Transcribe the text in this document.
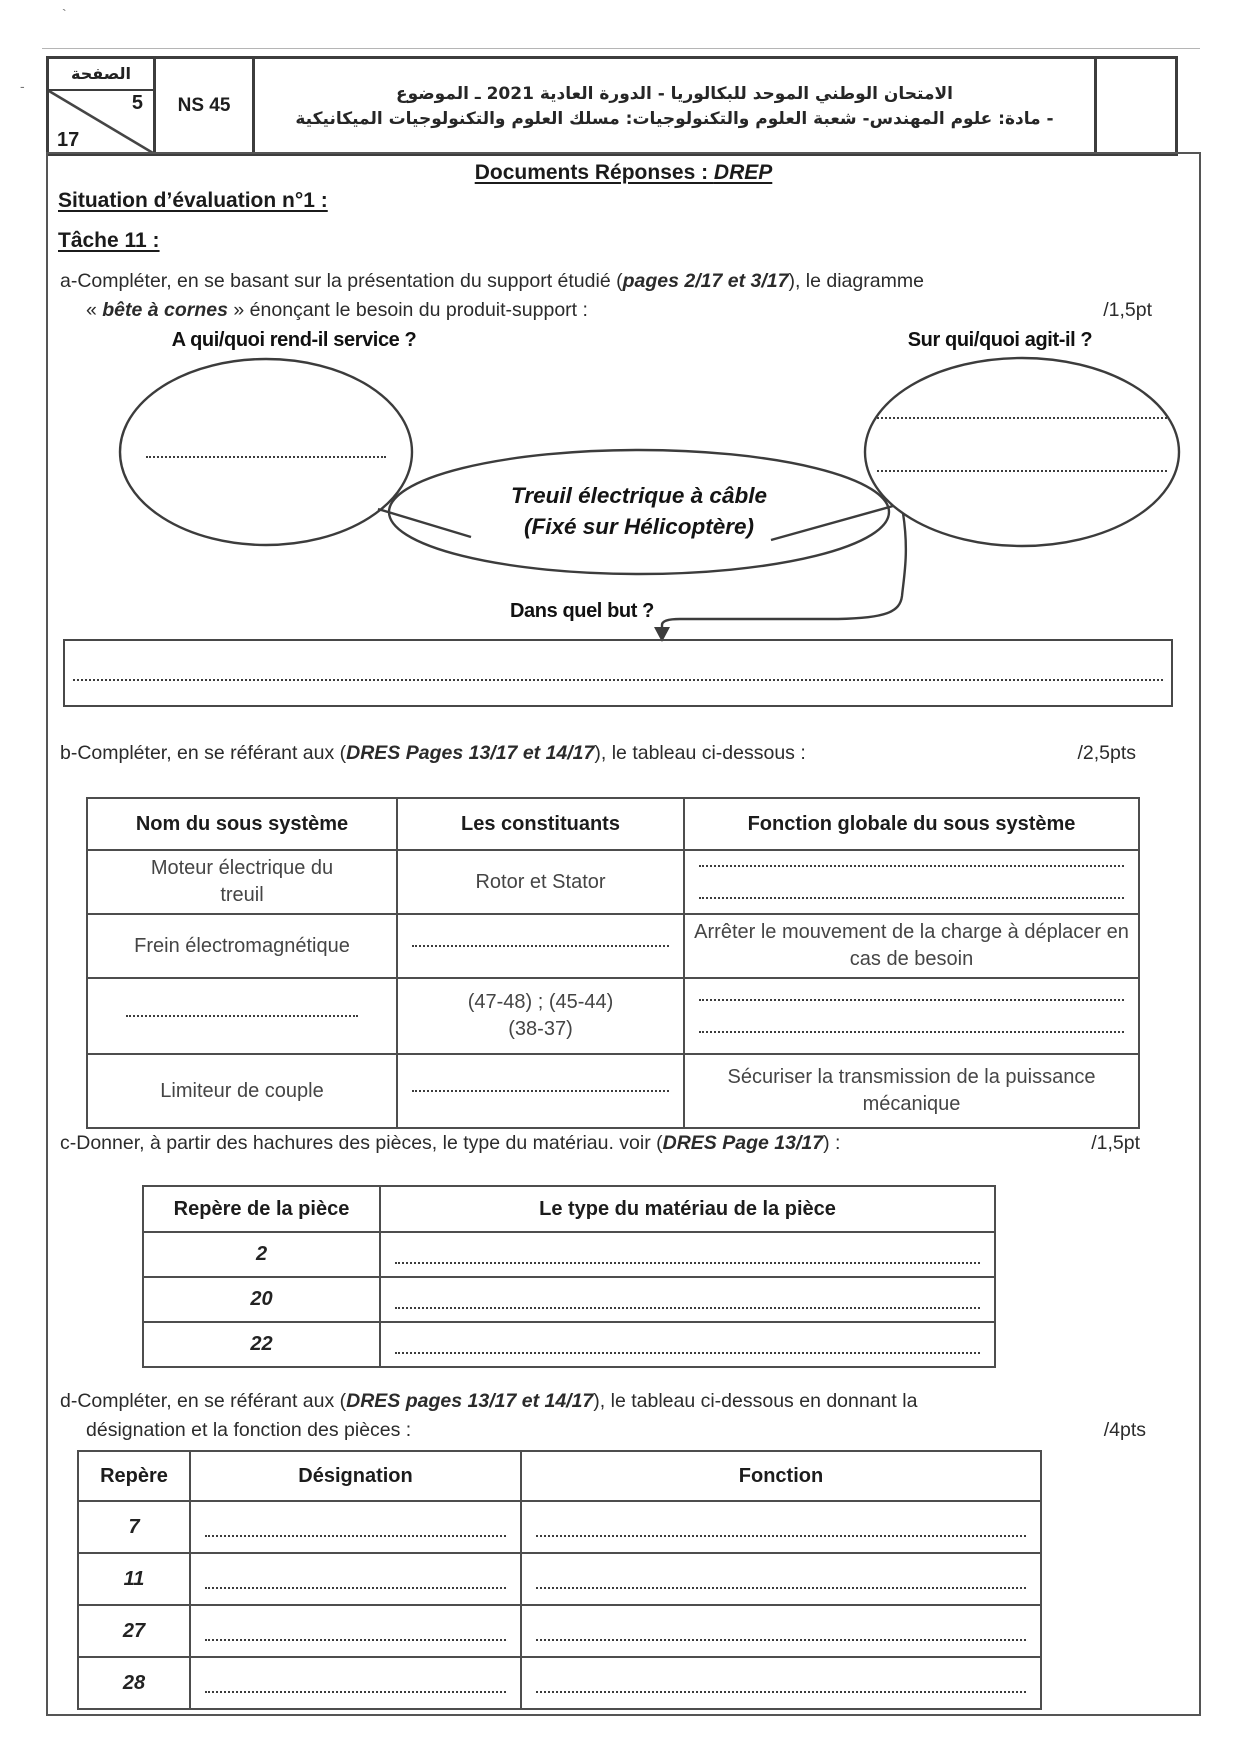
`
-
الصفحة
5
17
NS 45
الامتحان الوطني الموحد للبكالوريا - الدورة العادية 2021 ـ الموضوع
- مادة: علوم المهندس- شعبة العلوم والتكنولوجيات: مسلك العلوم والتكنولوجيات الميكانيكية
Documents Réponses : DREP
Situation d’évaluation n°1 :
Tâche 11 :
a-Compléter, en se basant sur la présentation du support étudié (pages 2/17 et 3/17), le diagramme
« bête à cornes » énonçant le besoin du produit-support :	/1,5pt
A qui/quoi rend-il service ?	Sur qui/quoi agit-il ?
Treuil électrique à câble
(Fixé sur Hélicoptère)
Dans quel but ?
b-Compléter, en se référant aux (DRES Pages 13/17 et 14/17), le tableau ci-dessous :	/2,5pts
Nom du sous système	Les constituants	Fonction globale du sous système

Moteur électrique du treuil	Rotor et Stator	

Frein électromagnétique		Arrêter le mouvement de la charge à déplacer en cas de besoin

	(47-48) ; (45-44)
(38-37)	

Limiteur de couple		Sécuriser la transmission de la puissance mécanique
c-Donner, à partir des hachures des pièces, le type du matériau. voir (DRES Page 13/17) :	/1,5pt
Repère de la pièce	Le type du matériau de la pièce
2	

20	

22	
d-Compléter, en se référant aux (DRES pages 13/17 et 14/17), le tableau ci-dessous en donnant la
désignation et la fonction des pièces :	/4pts
Repère	Désignation	Fonction
7	

11	

27	

28	
